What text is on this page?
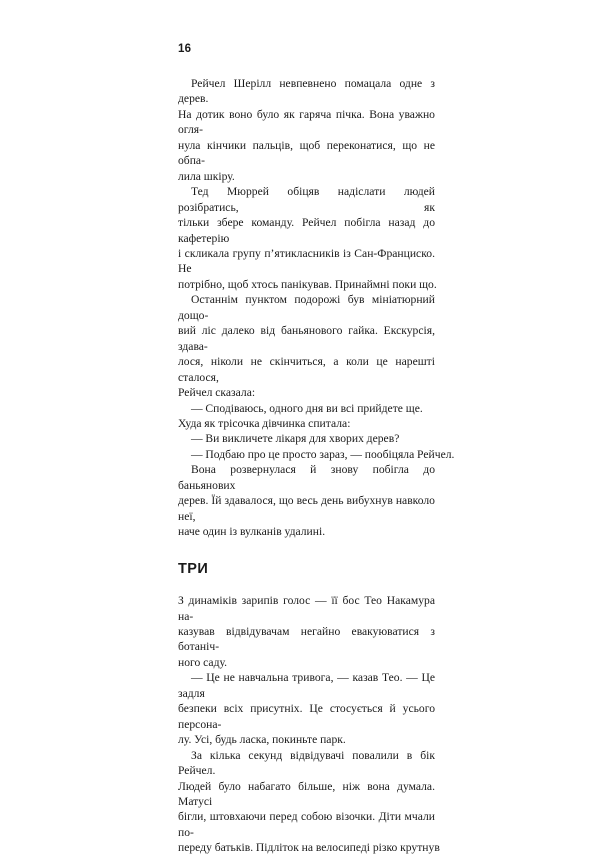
16

Рейчел Шерілл невпевнено помацала одне з дерев.
На дотик воно було як гаряча пічка. Вона уважно огля-
нула кінчики пальців, щоб переконатися, що не обпа-
лила шкіру.

Тед Мюррей обіцяв надіслати людей розібратись, як
тільки збере команду. Рейчел побігла назад до кафетерію
і скликала групу п’ятикласників із Сан-Франциско. Не
потрібно, щоб хтось панікував. Принаймні поки що.

Останнім пунктом подорожі був мініатюрний дощо-
вий ліс далеко від баньянового гайка. Екскурсія, здава-
лося, ніколи не скінчиться, а коли це нарешті сталося,
Рейчел сказала:

— Сподіваюсь, одного дня ви всі прийдете ще.

Худа як трісочка дівчинка спитала:

— Ви викличете лікаря для хворих дерев?

— Подбаю про це просто зараз, — пообіцяла Рейчел.

Вона розвернулася й знову побігла до баньянових
дерев. Їй здавалося, що весь день вибухнув навколо неї,
наче один із вулканів удалині.

ТРИ

З динаміків зарипів голос — її бос Тео Накамура на-
казував відвідувачам негайно евакуюватися з ботаніч-
ного саду.

— Це не навчальна тривога, — казав Тео. — Це задля
безпеки всіх присутніх. Це стосується й усього персона-
лу. Усі, будь ласка, покиньте парк.

За кілька секунд відвідувачі повалили в бік Рейчел.
Людей було набагато більше, ніж вона думала. Матусі
бігли, штовхаючи перед собою візочки. Діти мчали по-
переду батьків. Підліток на велосипеді різко крутнув
